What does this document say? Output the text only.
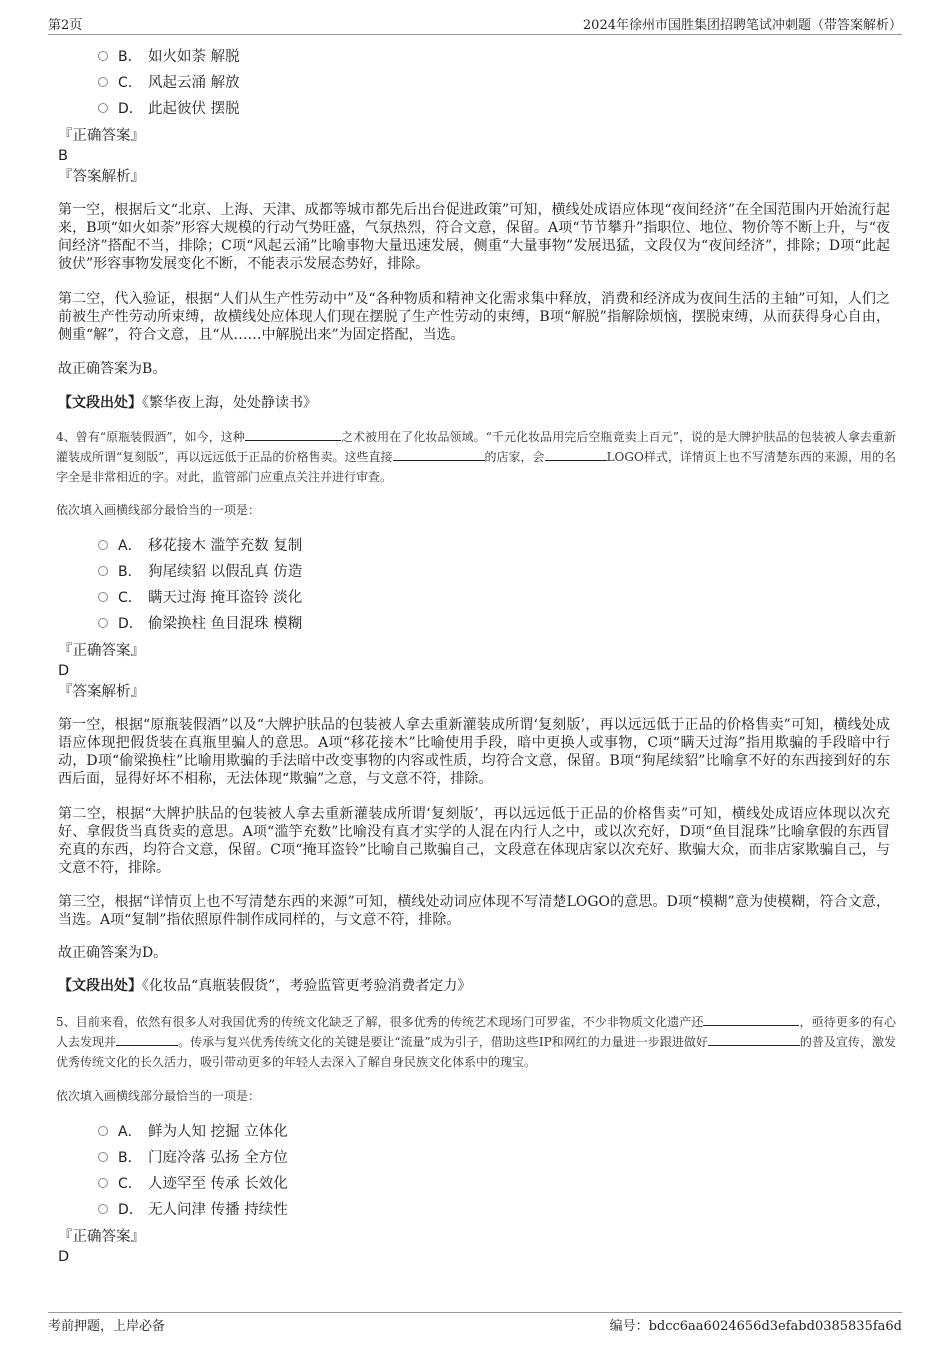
第2页	2024年徐州市国胜集团招聘笔试冲刺题（带答案解析）
B． 如火如荼 解脱
C． 风起云涌 解放
D． 此起彼伏 摆脱
『正确答案』
B
『答案解析』
第一空，根据后文“北京、上海、天津、成都等城市都先后出台促进政策”可知，横线处成语应体现“夜间经济”在全国范围内开始流行起来，B项“如火如荼”形容大规模的行动气势旺盛，气氛热烈，符合文意，保留。A项“节节攀升”指职位、地位、物价等不断上升，与“夜间经济”搭配不当，排除；C项“风起云涌”比喻事物大量迅速发展，侧重“大量事物”发展迅猛，文段仅为“夜间经济”，排除；D项“此起彼伏”形容事物发展变化不断，不能表示发展态势好，排除。
第二空，代入验证，根据“人们从生产性劳动中”及“各种物质和精神文化需求集中释放，消费和经济成为夜间生活的主轴”可知，人们之前被生产性劳动所束缚，故横线处应体现人们现在摆脱了生产性劳动的束缚，B项“解脱”指解除烦恼，摆脱束缚，从而获得身心自由，侧重“解”，符合文意，且“从……中解脱出来”为固定搭配，当选。
故正确答案为B。
【文段出处】《繁华夜上海，处处静读书》
4、曾有“原瓶装假酒”，如今，这种	之术被用在了化妆品领域。“千元化妆品用完后空瓶竟卖上百元”，说的是大牌护肤品的包装被人拿去重新灌装成所谓“复刻版”，再以远远低于正品的价格售卖。这些直接	的店家，会	LOGO样式，详情页上也不写清楚东西的来源，用的名字全是非常相近的字。对此，监管部门应重点关注并进行审查。
依次填入画横线部分最恰当的一项是：
A． 移花接木 滥竽充数 复制
B． 狗尾续貂 以假乱真 仿造
C． 瞒天过海 掩耳盗铃 淡化
D． 偷梁换柱 鱼目混珠 模糊
『正确答案』
D
『答案解析』
第一空，根据“原瓶装假酒”以及“大牌护肤品的包装被人拿去重新灌装成所谓‘复刻版’，再以远远低于正品的价格售卖”可知，横线处成语应体现把假货装在真瓶里骗人的意思。A项“移花接木”比喻使用手段，暗中更换人或事物，C项“瞒天过海”指用欺骗的手段暗中行动，D项“偷梁换柱”比喻用欺骗的手法暗中改变事物的内容或性质，均符合文意，保留。B项“狗尾续貂”比喻拿不好的东西接到好的东西后面，显得好坏不相称，无法体现“欺骗”之意，与文意不符，排除。
第二空，根据“大牌护肤品的包装被人拿去重新灌装成所谓‘复刻版’，再以远远低于正品的价格售卖”可知，横线处成语应体现以次充好、拿假货当真货卖的意思。A项“滥竽充数”比喻没有真才实学的人混在内行人之中，或以次充好，D项“鱼目混珠”比喻拿假的东西冒充真的东西，均符合文意，保留。C项“掩耳盗铃”比喻自己欺骗自己，文段意在体现店家以次充好、欺骗大众，而非店家欺骗自己，与文意不符，排除。
第三空，根据“详情页上也不写清楚东西的来源”可知，横线处动词应体现不写清楚LOGO的意思。D项“模糊”意为使模糊，符合文意，当选。A项“复制”指依照原件制作成同样的，与文意不符，排除。
故正确答案为D。
【文段出处】《化妆品“真瓶装假货”，考验监管更考验消费者定力》
5、目前来看，依然有很多人对我国优秀的传统文化缺乏了解，很多优秀的传统艺术现场门可罗雀，不少非物质文化遗产还	，亟待更多的有心人去发现并	。传承与复兴优秀传统文化的关键是要让“流量”成为引子，借助这些IP和网红的力量进一步跟进做好	的普及宣传，激发优秀传统文化的长久活力，吸引带动更多的年轻人去深入了解自身民族文化体系中的瑰宝。
依次填入画横线部分最恰当的一项是：
A． 鲜为人知 挖掘 立体化
B． 门庭冷落 弘扬 全方位
C． 人迹罕至 传承 长效化
D． 无人问津 传播 持续性
『正确答案』
D
考前押题，上岸必备	编号：bdcc6aa6024656d3efabd0385835fa6d
